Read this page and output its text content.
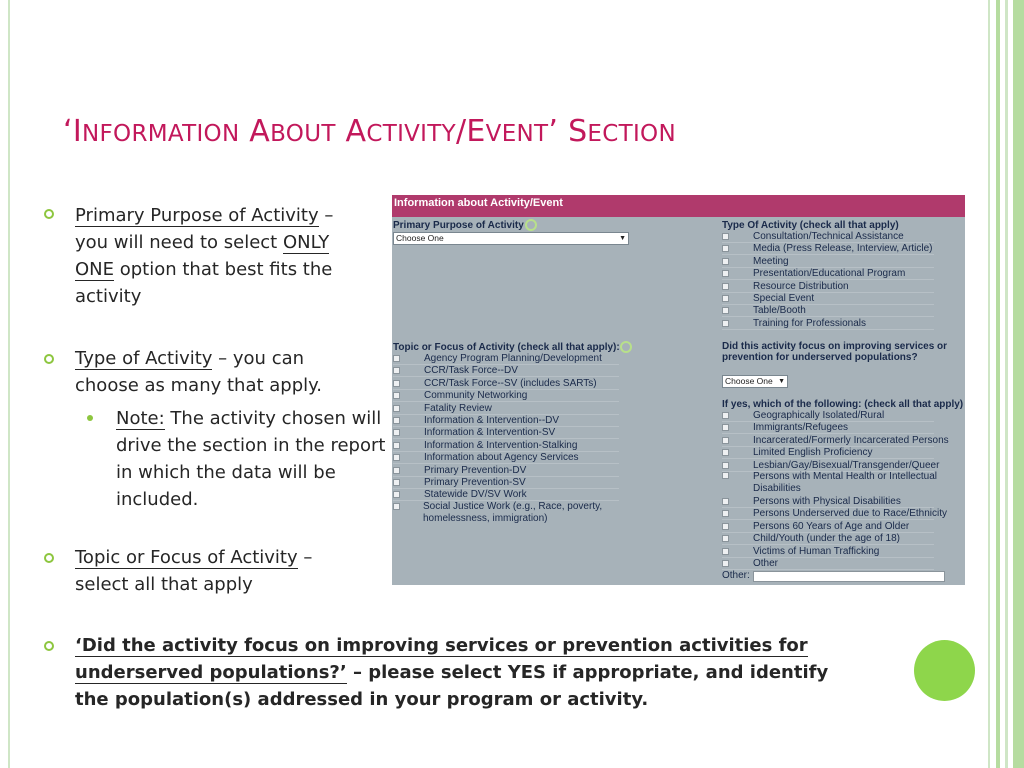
‘INFORMATION ABOUT ACTIVITY/EVENT’ SECTION
Primary Purpose of Activity – you will need to select ONLY ONE option that best fits the activity
Type of Activity – you can choose as many that apply.
Note: The activity chosen will drive the section in the report in which the data will be included.
Topic or Focus of Activity – select all that apply
‘Did the activity focus on improving services or prevention activities for underserved populations?’ – please select YES if appropriate, and identify the population(s) addressed in your program or activity.
Information about Activity/Event
Primary Purpose of Activity
Choose One	▼
Type Of Activity (check all that apply)
Consultation/Technical Assistance
Media (Press Release, Interview, Article)
Meeting
Presentation/Educational Program
Resource Distribution
Special Event
Table/Booth
Training for Professionals
Topic or Focus of Activity (check all that apply):
Agency Program Planning/Development
CCR/Task Force--DV
CCR/Task Force--SV (includes SARTs)
Community Networking
Fatality Review
Information & Intervention--DV
Information & Intervention-SV
Information & Intervention-Stalking
Information about Agency Services
Primary Prevention-DV
Primary Prevention-SV
Statewide DV/SV Work
Social Justice Work (e.g., Race, poverty,
homelessness, immigration)
Did this activity focus on improving services or
prevention for underserved populations?
Choose One ▼
If yes, which of the following: (check all that apply)
Geographically Isolated/Rural
Immigrants/Refugees
Incarcerated/Formerly Incarcerated Persons
Limited English Proficiency
Lesbian/Gay/Bisexual/Transgender/Queer
Persons with Mental Health or Intellectual
Disabilities
Persons with Physical Disabilities
Persons Underserved due to Race/Ethnicity
Persons 60 Years of Age and Older
Child/Youth (under the age of 18)
Victims of Human Trafficking
Other
Other:
